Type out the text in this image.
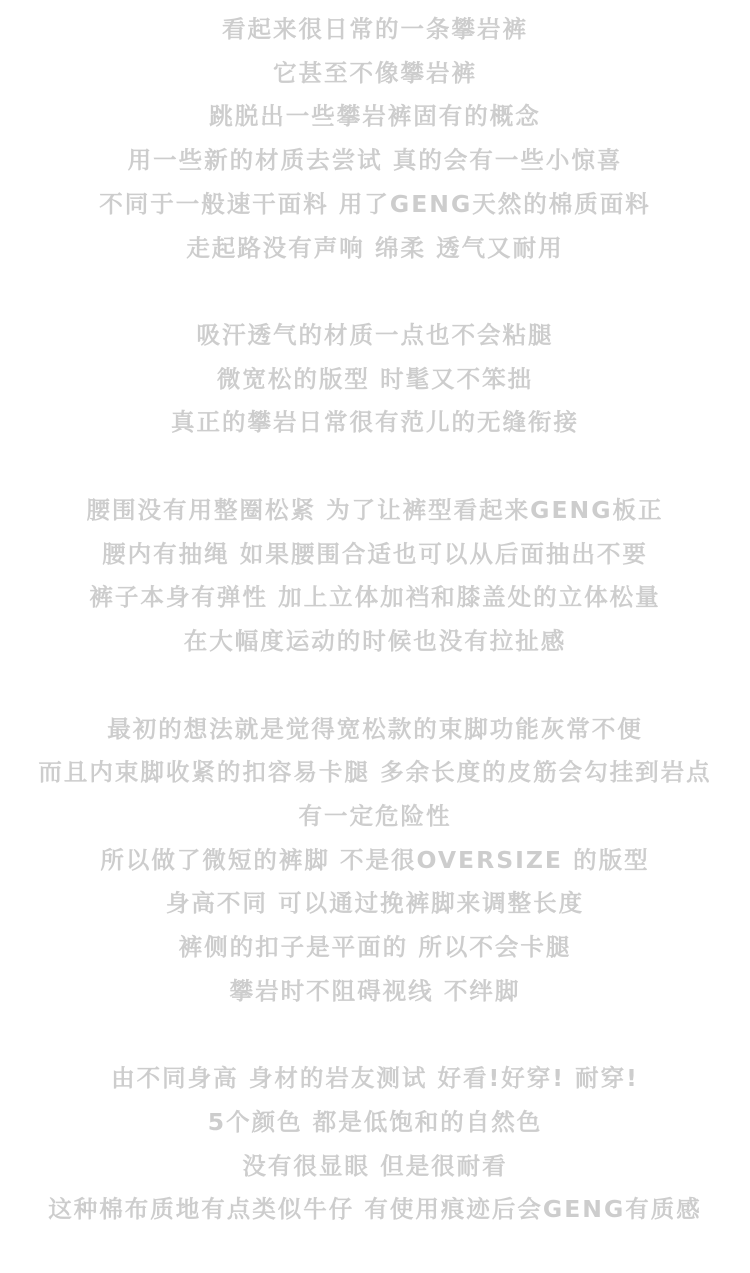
看起来很日常的一条攀岩裤
它甚至不像攀岩裤
跳脱出一些攀岩裤固有的概念
用一些新的材质去尝试 真的会有一些小惊喜
不同于一般速干面料 用了GENG天然的棉质面料
走起路没有声响 绵柔 透气又耐用
吸汗透气的材质一点也不会粘腿
微宽松的版型 时髦又不笨拙
真正的攀岩日常很有范儿的无缝衔接
腰围没有用整圈松紧 为了让裤型看起来GENG板正
腰内有抽绳 如果腰围合适也可以从后面抽出不要
裤子本身有弹性 加上立体加裆和膝盖处的立体松量
在大幅度运动的时候也没有拉扯感
最初的想法就是觉得宽松款的束脚功能灰常不便
而且内束脚收紧的扣容易卡腿 多余长度的皮筋会勾挂到岩点
有一定危险性
所以做了微短的裤脚 不是很OVERSIZE 的版型
身高不同 可以通过挽裤脚来调整长度
裤侧的扣子是平面的 所以不会卡腿
攀岩时不阻碍视线 不绊脚
由不同身高 身材的岩友测试 好看!好穿! 耐穿!
5个颜色 都是低饱和的自然色
没有很显眼 但是很耐看
这种棉布质地有点类似牛仔 有使用痕迹后会GENG有质感
